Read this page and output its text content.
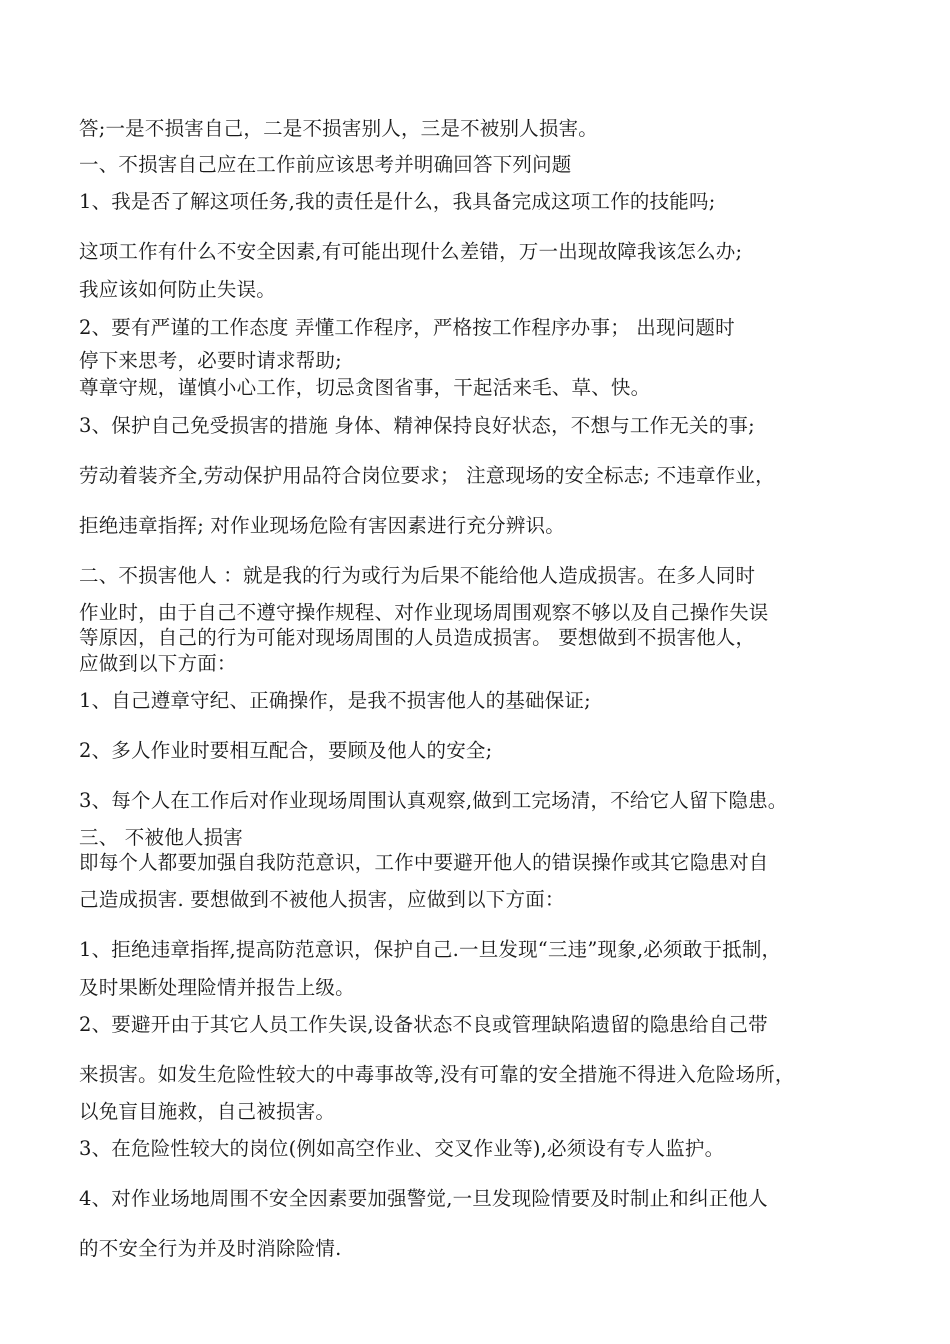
答;一是不损害自己，二是不损害别人，三是不被别人损害。
一、不损害自己应在工作前应该思考并明确回答下列问题
1、我是否了解这项任务,我的责任是什么，我具备完成这项工作的技能吗;
这项工作有什么不安全因素,有可能出现什么差错，万一出现故障我该怎么办;
我应该如何防止失误。
2、要有严谨的工作态度 弄懂工作程序，严格按工作程序办事； 出现问题时
停下来思考，必要时请求帮助;
尊章守规，谨慎小心工作，切忌贪图省事，干起活来毛、草、快。
3、保护自己免受损害的措施 身体、精神保持良好状态，不想与工作无关的事;
劳动着装齐全,劳动保护用品符合岗位要求； 注意现场的安全标志; 不违章作业，
拒绝违章指挥; 对作业现场危险有害因素进行充分辨识。
二、不损害他人 ：就是我的行为或行为后果不能给他人造成损害。在多人同时
作业时，由于自己不遵守操作规程、对作业现场周围观察不够以及自己操作失误
等原因，自己的行为可能对现场周围的人员造成损害。 要想做到不损害他人，
应做到以下方面：
1、自己遵章守纪、正确操作，是我不损害他人的基础保证;
2、多人作业时要相互配合，要顾及他人的安全;
3、每个人在工作后对作业现场周围认真观察,做到工完场清，不给它人留下隐患。
三、 不被他人损害
即每个人都要加强自我防范意识，工作中要避开他人的错误操作或其它隐患对自
己造成损害. 要想做到不被他人损害，应做到以下方面：
1、拒绝违章指挥,提高防范意识，保护自己.一旦发现“三违”现象,必须敢于抵制，
及时果断处理险情并报告上级。
2、要避开由于其它人员工作失误,设备状态不良或管理缺陷遗留的隐患给自己带
来损害。如发生危险性较大的中毒事故等,没有可靠的安全措施不得进入危险场所，
以免盲目施救，自己被损害。
3、在危险性较大的岗位(例如高空作业、交叉作业等),必须设有专人监护。
4、对作业场地周围不安全因素要加强警觉,一旦发现险情要及时制止和纠正他人
的不安全行为并及时消除险情.
